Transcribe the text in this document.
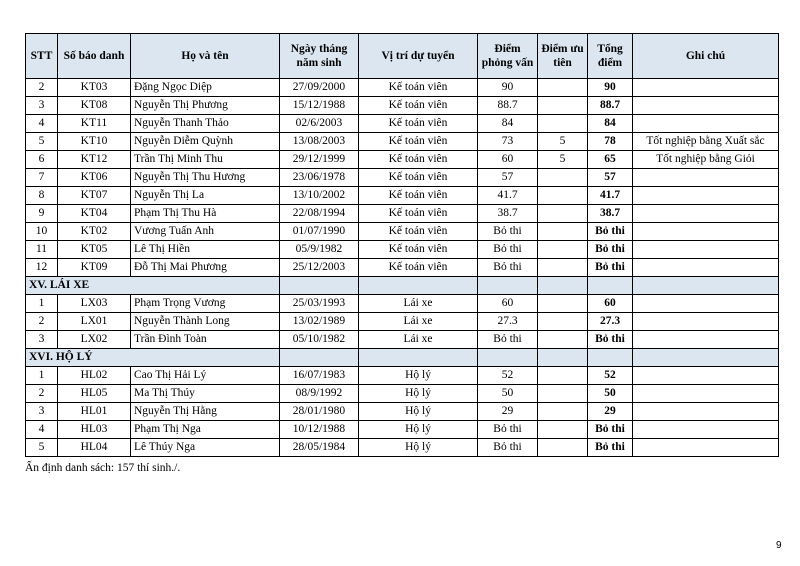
STT	Số báo danh	Họ và tên	Ngày tháng năm sinh	Vị trí dự tuyển	Điểm phỏng vấn	Điểm ưu tiên	Tổng điểm	Ghi chú
2	KT03	Đặng Ngọc Diệp	27/09/2000	Kế toán viên	90		90	
3	KT08	Nguyễn Thị Phương	15/12/1988	Kế toán viên	88.7		88.7	
4	KT11	Nguyễn Thanh Thảo	02/6/2003	Kế toán viên	84		84	
5	KT10	Nguyễn Diễm Quỳnh	13/08/2003	Kế toán viên	73	5	78	Tốt nghiệp bằng Xuất sắc
6	KT12	Trần Thị Minh Thu	29/12/1999	Kế toán viên	60	5	65	Tốt nghiệp bằng Giỏi
7	KT06	Nguyễn Thị Thu Hương	23/06/1978	Kế toán viên	57		57	
8	KT07	Nguyễn Thị La	13/10/2002	Kế toán viên	41.7		41.7	
9	KT04	Phạm Thị Thu Hà	22/08/1994	Kế toán viên	38.7		38.7	
10	KT02	Vương Tuấn Anh	01/07/1990	Kế toán viên	Bỏ thi		Bỏ thi	
11	KT05	Lê Thị Hiền	05/9/1982	Kế toán viên	Bỏ thi		Bỏ thi	
12	KT09	Đỗ Thị Mai Phương	25/12/2003	Kế toán viên	Bỏ thi		Bỏ thi	
XV. LÁI XE								
1	LX03	Phạm Trọng Vương	25/03/1993	Lái xe	60		60	
2	LX01	Nguyễn Thành Long	13/02/1989	Lái xe	27.3		27.3	
3	LX02	Trần Đình Toàn	05/10/1982	Lái xe	Bỏ thi		Bỏ thi	
XVI. HỘ LÝ								
1	HL02	Cao Thị Hải Lý	16/07/1983	Hộ lý	52		52	
2	HL05	Ma Thị Thúy	08/9/1992	Hộ lý	50		50	
3	HL01	Nguyễn Thị Hằng	28/01/1980	Hộ lý	29		29	
4	HL03	Phạm Thị Nga	10/12/1988	Hộ lý	Bỏ thi		Bỏ thi	
5	HL04	Lê Thúy Nga	28/05/1984	Hộ lý	Bỏ thi		Bỏ thi	
Ấn định danh sách: 157 thí sinh./.
9
